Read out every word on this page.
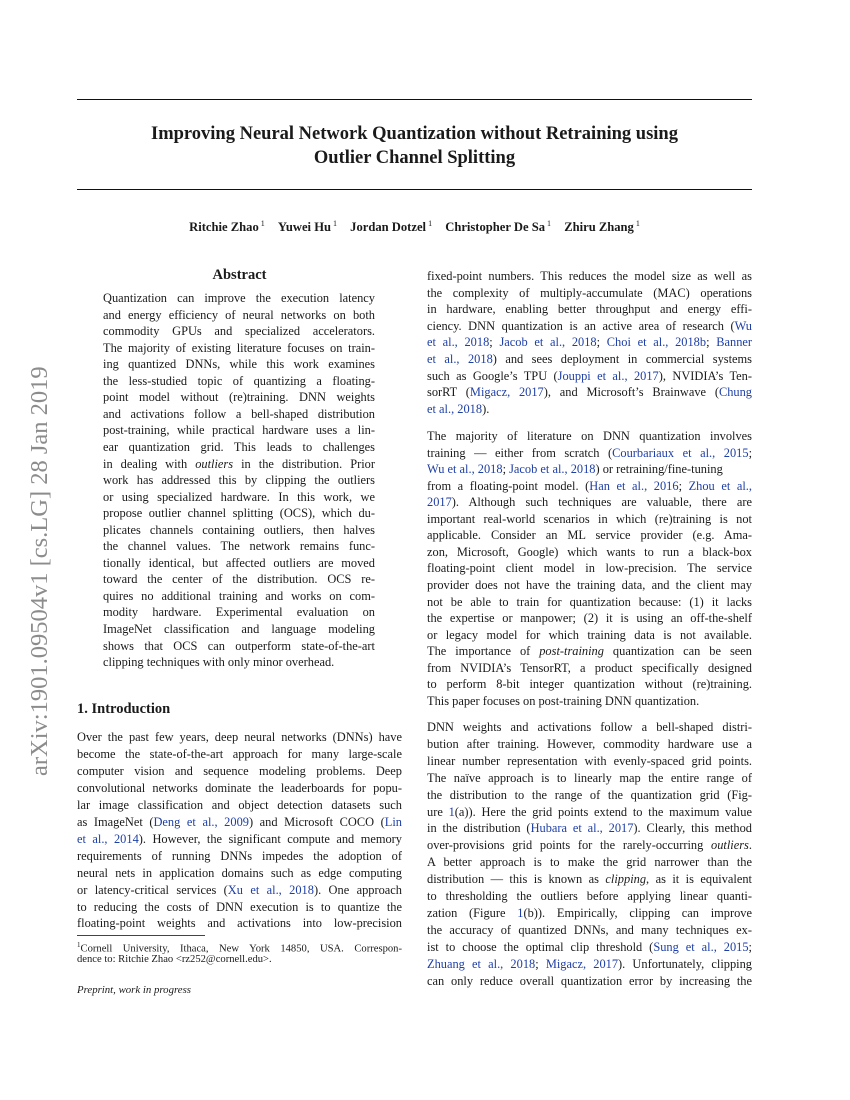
arXiv:1901.09504v1 [cs.LG] 28 Jan 2019
Improving Neural Network Quantization without Retraining using
Outlier Channel Splitting
Ritchie Zhao $^1$ Yuwei Hu $^1$ Jordan Dotzel $^1$ Christopher De Sa $^1$ Zhiru Zhang $^1$
Abstract
Quantization can improve the execution latency
and energy efficiency of neural networks on both
commodity GPUs and specialized accelerators.
The majority of existing literature focuses on train-
ing quantized DNNs, while this work examines
the less-studied topic of quantizing a floating-
point model without (re)training. DNN weights
and activations follow a bell-shaped distribution
post-training, while practical hardware uses a lin-
ear quantization grid. This leads to challenges
in dealing with outliers in the distribution. Prior
work has addressed this by clipping the outliers
or using specialized hardware. In this work, we
propose outlier channel splitting (OCS), which du-
plicates channels containing outliers, then halves
the channel values. The network remains func-
tionally identical, but affected outliers are moved
toward the center of the distribution. OCS re-
quires no additional training and works on com-
modity hardware. Experimental evaluation on
ImageNet classification and language modeling
shows that OCS can outperform state-of-the-art
clipping techniques with only minor overhead.
1. Introduction
Over the past few years, deep neural networks (DNNs) have
become the state-of-the-art approach for many large-scale
computer vision and sequence modeling problems. Deep
convolutional networks dominate the leaderboards for popu-
lar image classification and object detection datasets such
as ImageNet (Deng et al., 2009) and Microsoft COCO (Lin
et al., 2014). However, the significant compute and memory
requirements of running DNNs impedes the adoption of
neural nets in application domains such as edge computing
or latency-critical services (Xu et al., 2018). One approach
to reducing the costs of DNN execution is to quantize the
floating-point weights and activations into low-precision
$^1$Cornell University, Ithaca, New York 14850, USA. Correspon-
dence to: Ritchie Zhao <rz252@cornell.edu>.
Preprint, work in progress
fixed-point numbers. This reduces the model size as well as
the complexity of multiply-accumulate (MAC) operations
in hardware, enabling better throughput and energy effi-
ciency. DNN quantization is an active area of research (Wu
et al., 2018; Jacob et al., 2018; Choi et al., 2018b; Banner
et al., 2018) and sees deployment in commercial systems
such as Google’s TPU (Jouppi et al., 2017), NVIDIA’s Ten-
sorRT (Migacz, 2017), and Microsoft’s Brainwave (Chung
et al., 2018).
The majority of literature on DNN quantization involves
training — either from scratch (Courbariaux et al., 2015;
Wu et al., 2018; Jacob et al., 2018) or retraining/fine-tuning
from a floating-point model. (Han et al., 2016; Zhou et al.,
2017). Although such techniques are valuable, there are
important real-world scenarios in which (re)training is not
applicable. Consider an ML service provider (e.g. Ama-
zon, Microsoft, Google) which wants to run a black-box
floating-point client model in low-precision. The service
provider does not have the training data, and the client may
not be able to train for quantization because: (1) it lacks
the expertise or manpower; (2) it is using an off-the-shelf
or legacy model for which training data is not available.
The importance of post-training quantization can be seen
from NVIDIA’s TensorRT, a product specifically designed
to perform 8-bit integer quantization without (re)training.
This paper focuses on post-training DNN quantization.
DNN weights and activations follow a bell-shaped distri-
bution after training. However, commodity hardware use a
linear number representation with evenly-spaced grid points.
The naïve approach is to linearly map the entire range of
the distribution to the range of the quantization grid (Fig-
ure 1(a)). Here the grid points extend to the maximum value
in the distribution (Hubara et al., 2017). Clearly, this method
over-provisions grid points for the rarely-occurring outliers.
A better approach is to make the grid narrower than the
distribution — this is known as clipping, as it is equivalent
to thresholding the outliers before applying linear quanti-
zation (Figure 1(b)). Empirically, clipping can improve
the accuracy of quantized DNNs, and many techniques ex-
ist to choose the optimal clip threshold (Sung et al., 2015;
Zhuang et al., 2018; Migacz, 2017). Unfortunately, clipping
can only reduce overall quantization error by increasing the
